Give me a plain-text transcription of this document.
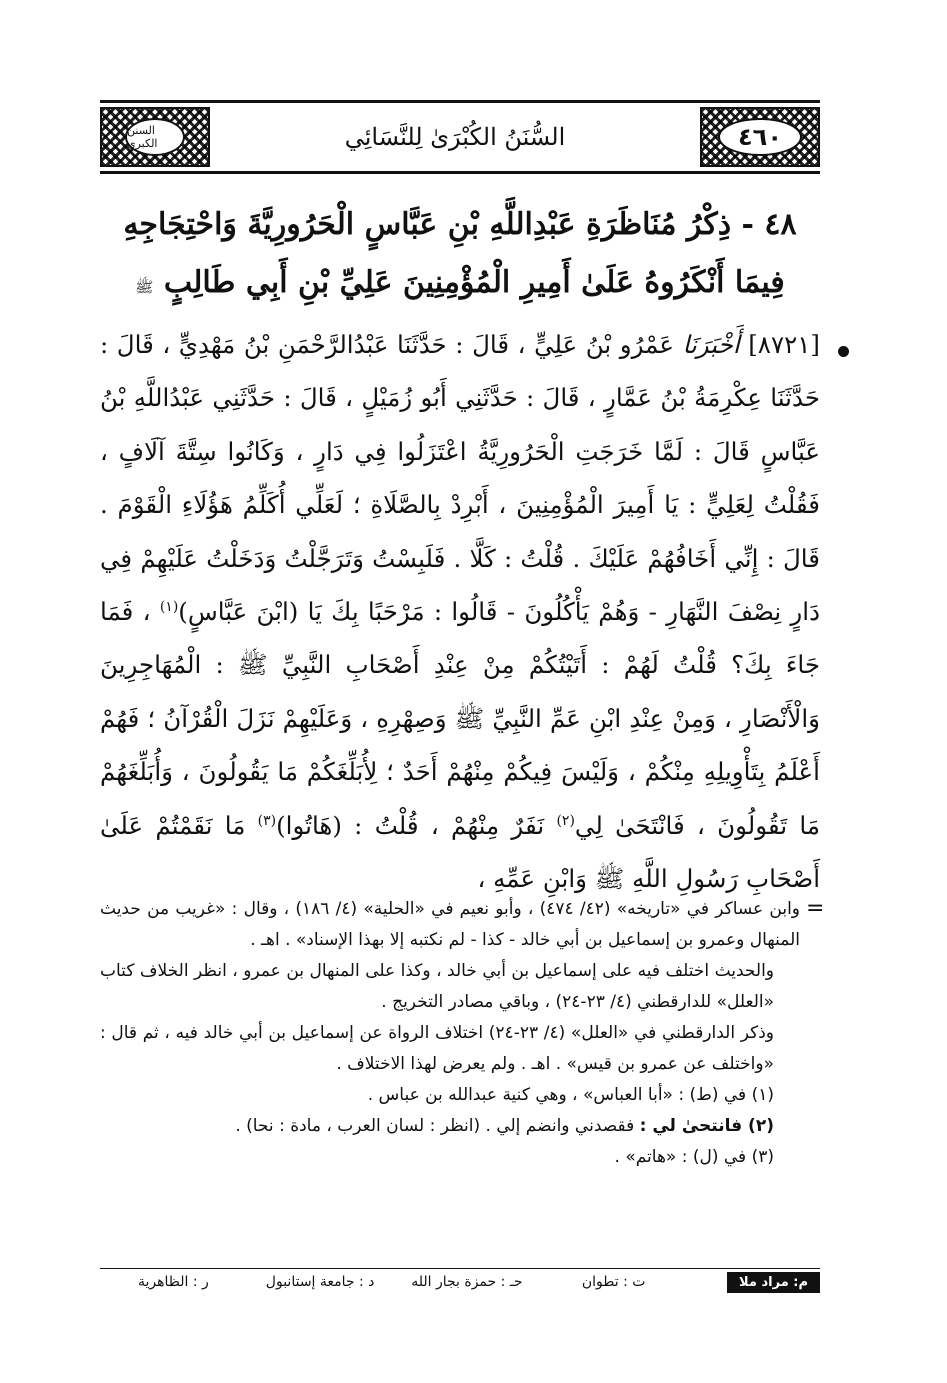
السنن الكبرى	السُّنَنُ الكُبْرَىٰ لِلنَّسَائِي	٤٦٠
٤٨ - ذِكْرُ مُنَاظَرَةِ عَبْدِاللَّهِ بْنِ عَبَّاسٍ الْحَرُورِيَّةَ وَاحْتِجَاجِهِ
فِيمَا أَنْكَرُوهُ عَلَىٰ أَمِيرِ الْمُؤْمِنِينَ عَلِيِّ بْنِ أَبِي طَالِبٍ ﷺ
[٨٧٢١] أَخْبَرَنَا عَمْرُو بْنُ عَلِيٍّ ، قَالَ : حَدَّثَنَا عَبْدُالرَّحْمَنِ بْنُ مَهْدِيٍّ ، قَالَ : حَدَّثَنَا عِكْرِمَةُ بْنُ عَمَّارٍ ، قَالَ : حَدَّثَنِي أَبُو زُمَيْلٍ ، قَالَ : حَدَّثَنِي عَبْدُاللَّهِ بْنُ عَبَّاسٍ قَالَ : لَمَّا خَرَجَتِ الْحَرُورِيَّةُ اعْتَزَلُوا فِي دَارٍ ، وَكَانُوا سِتَّةَ آلَافٍ ، فَقُلْتُ لِعَلِيٍّ : يَا أَمِيرَ الْمُؤْمِنِينَ ، أَبْرِدْ بِالصَّلَاةِ ؛ لَعَلِّي أُكَلِّمُ هَؤُلَاءِ الْقَوْمَ . قَالَ : إِنِّي أَخَافُهُمْ عَلَيْكَ . قُلْتُ : كَلَّا . فَلَبِسْتُ وَتَرَجَّلْتُ وَدَخَلْتُ عَلَيْهِمْ فِي دَارٍ نِصْفَ النَّهَارِ - وَهُمْ يَأْكُلُونَ - قَالُوا : مَرْحَبًا بِكَ يَا (ابْنَ عَبَّاسٍ)$^{(١)}$ ، فَمَا جَاءَ بِكَ؟ قُلْتُ لَهُمْ : أَتَيْتُكُمْ مِنْ عِنْدِ أَصْحَابِ النَّبِيِّ ﷺ : الْمُهَاجِرِينَ وَالْأَنْصَارِ ، وَمِنْ عِنْدِ ابْنِ عَمِّ النَّبِيِّ ﷺ وَصِهْرِهِ ، وَعَلَيْهِمْ نَزَلَ الْقُرْآنُ ؛ فَهُمْ أَعْلَمُ بِتَأْوِيلِهِ مِنْكُمْ ، وَلَيْسَ فِيكُمْ مِنْهُمْ أَحَدٌ ؛ لِأُبَلِّغَكُمْ مَا يَقُولُونَ ، وَأُبَلِّغَهُمْ مَا تَقُولُونَ ، فَانْتَحَىٰ لِي$^{(٢)}$ نَفَرٌ مِنْهُمْ ، قُلْتُ : (هَاتُوا)$^{(٣)}$ مَا نَقَمْتُمْ عَلَىٰ أَصْحَابِ رَسُولِ اللَّهِ ﷺ وَابْنِ عَمِّهِ ،
=

وابن عساكر في «تاريخه» (٤٢/ ٤٧٤) ، وأبو نعيم في «الحلية» (٤/ ١٨٦) ، وقال : «غريب من حديث المنهال وعمرو بن إسماعيل بن أبي خالد - كذا - لم نكتبه إلا بهذا الإسناد» . اهـ .

والحديث اختلف فيه على إسماعيل بن أبي خالد ، وكذا على المنهال بن عمرو ، انظر الخلاف كتاب «العلل» للدارقطني (٤/ ٢٣-٢٤) ، وباقي مصادر التخريج .

وذكر الدارقطني في «العلل» (٤/ ٢٣-٢٤) اختلاف الرواة عن إسماعيل بن أبي خالد فيه ، ثم قال : «واختلف عن عمرو بن قيس» . اهـ . ولم يعرض لهذا الاختلاف .

(١) في (ط) : «أبا العباس» ، وهي كنية عبدالله بن عباس .

(٢) فانتحىٰ لي : فقصدني وانضم إلي . (انظر : لسان العرب ، مادة : نحا) .

(٣) في (ل) : «هاتم» .

م: مراد ملا
ت : تطوان
حـ : حمزة بجار الله
د : جامعة إستانبول
ر : الظاهرية
